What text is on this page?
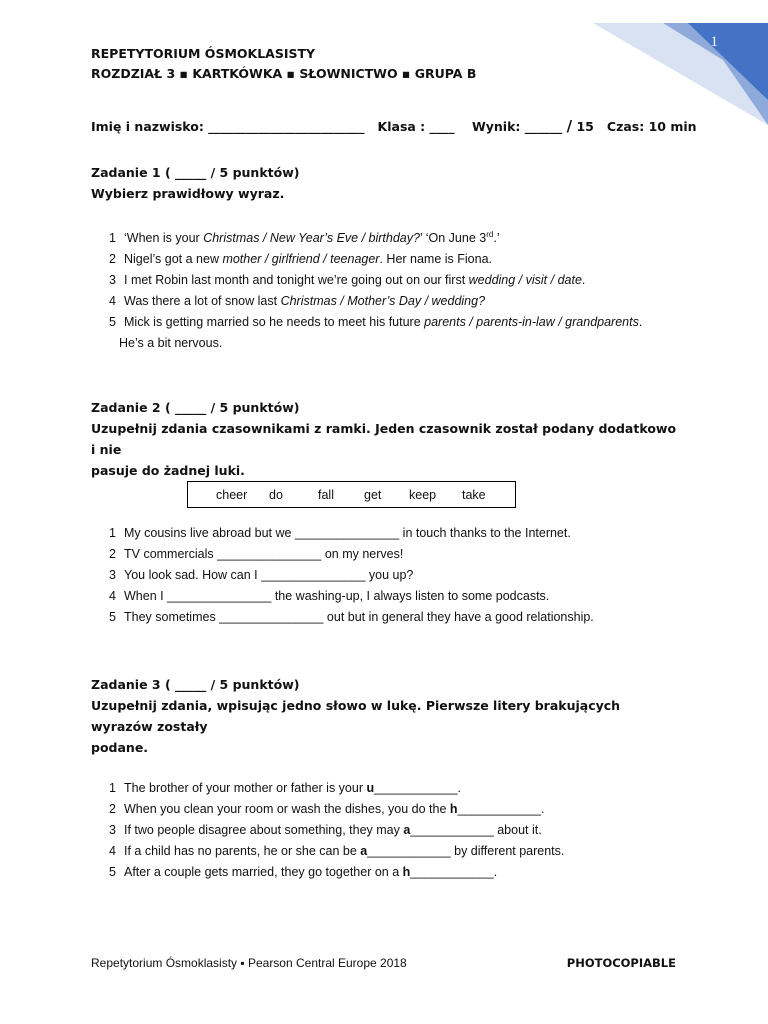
1
REPETYTORIUM ÓSMOKLASISTY
ROZDZIAŁ 3 ▪ KARTKÓWKA ▪ SŁOWNICTWO ▪ GRUPA B
Imię i nazwisko: _________________________ Klasa : ____ Wynik: ______ / 15 Czas: 10 min
Zadanie 1 ( _____ / 5 punktów)
Wybierz prawidłowy wyraz.
1 ‘When is your Christmas / New Year’s Eve / birthday?’ ‘On June 3rd.’
2 Nigel’s got a new mother / girlfriend / teenager. Her name is Fiona.
3 I met Robin last month and tonight we’re going out on our first wedding / visit / date.
4 Was there a lot of snow last Christmas / Mother’s Day / wedding?
5 Mick is getting married so he needs to meet his future parents / parents-in-law / grandparents.
He’s a bit nervous.
Zadanie 2 ( _____ / 5 punktów)
Uzupełnij zdania czasownikami z ramki. Jeden czasownik został podany dodatkowo i nie
pasuje do żadnej luki.
cheer do	fall get keep take
1 My cousins live abroad but we _______________ in touch thanks to the Internet.
2 TV commercials _______________ on my nerves!
3 You look sad. How can I _______________ you up?
4 When I _______________ the washing-up, I always listen to some podcasts.
5 They sometimes _______________ out but in general they have a good relationship.
Zadanie 3 ( _____ / 5 punktów)
Uzupełnij zdania, wpisując jedno słowo w lukę. Pierwsze litery brakujących wyrazów zostały
podane.
1 The brother of your mother or father is your u____________.
2 When you clean your room or wash the dishes, you do the h____________.
3 If two people disagree about something, they may a____________ about it.
4 If a child has no parents, he or she can be a____________ by different parents.
5 After a couple gets married, they go together on a h____________.
Repetytorium Ósmoklasisty ▪ Pearson Central Europe 2018	PHOTOCOPIABLE
